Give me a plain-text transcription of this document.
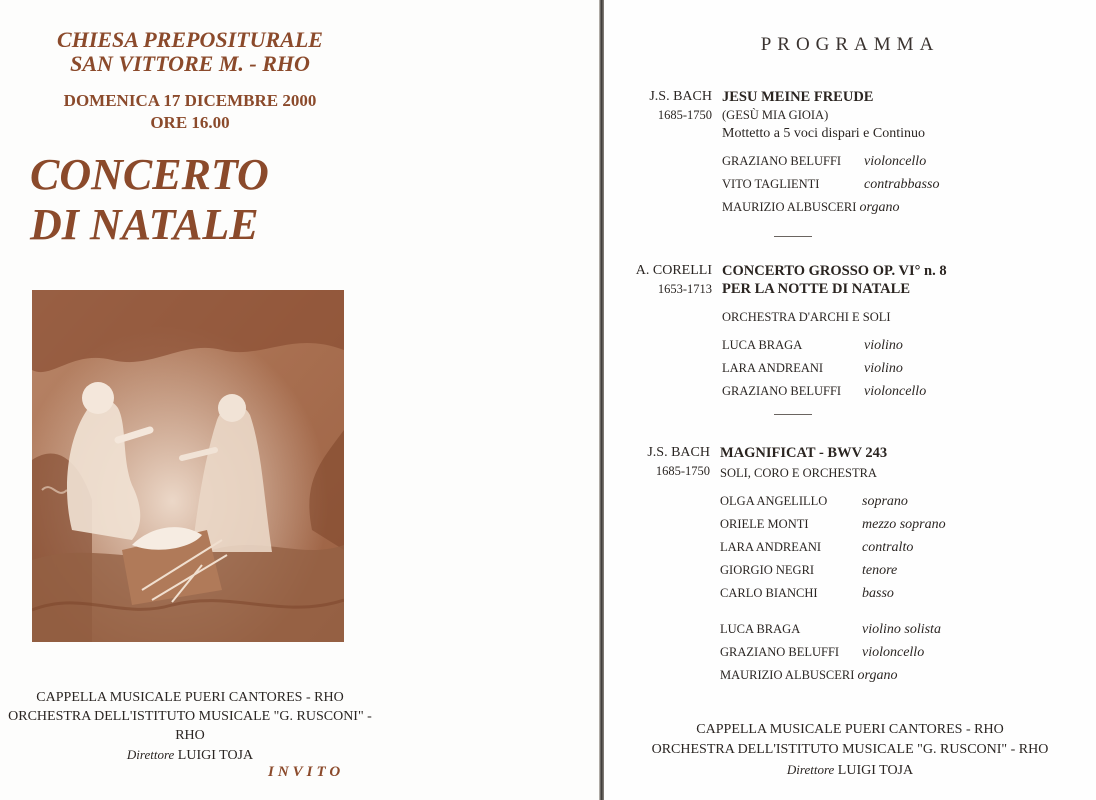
CHIESA PREPOSITURALE
SAN VITTORE M. - RHO
DOMENICA 17 DICEMBRE 2000
ORE 16.00
CONCERTO
DI NATALE
CAPPELLA MUSICALE PUERI CANTORES - RHO
ORCHESTRA DELL'ISTITUTO MUSICALE "G. RUSCONI" - RHO
Direttore LUIGI TOJA
INVITO
PROGRAMMA
J.S. BACH
1685-1750
JESU MEINE FREUDE
(GESÙ MIA GIOIA)
Mottetto a 5 voci dispari e Continuo
GRAZIANO BELUFFI violoncello
VITO TAGLIENTI	contrabbasso
MAURIZIO ALBUSCERI organo
A. CORELLI
1653-1713
CONCERTO GROSSO OP. VI° n. 8
PER LA NOTTE DI NATALE
ORCHESTRA D'ARCHI E SOLI
LUCA BRAGA	violino
LARA ANDREANI	violino
GRAZIANO BELUFFI violoncello
J.S. BACH
1685-1750
MAGNIFICAT - BWV 243
SOLI, CORO E ORCHESTRA
OLGA ANGELILLO soprano
ORIELE MONTI	mezzo soprano
LARA ANDREANI	contralto
GIORGIO NEGRI	tenore
CARLO BIANCHI	basso
LUCA BRAGA	violino solista
GRAZIANO BELUFFI violoncello
MAURIZIO ALBUSCERI organo
CAPPELLA MUSICALE PUERI CANTORES - RHO
ORCHESTRA DELL'ISTITUTO MUSICALE "G. RUSCONI" - RHO
Direttore LUIGI TOJA
